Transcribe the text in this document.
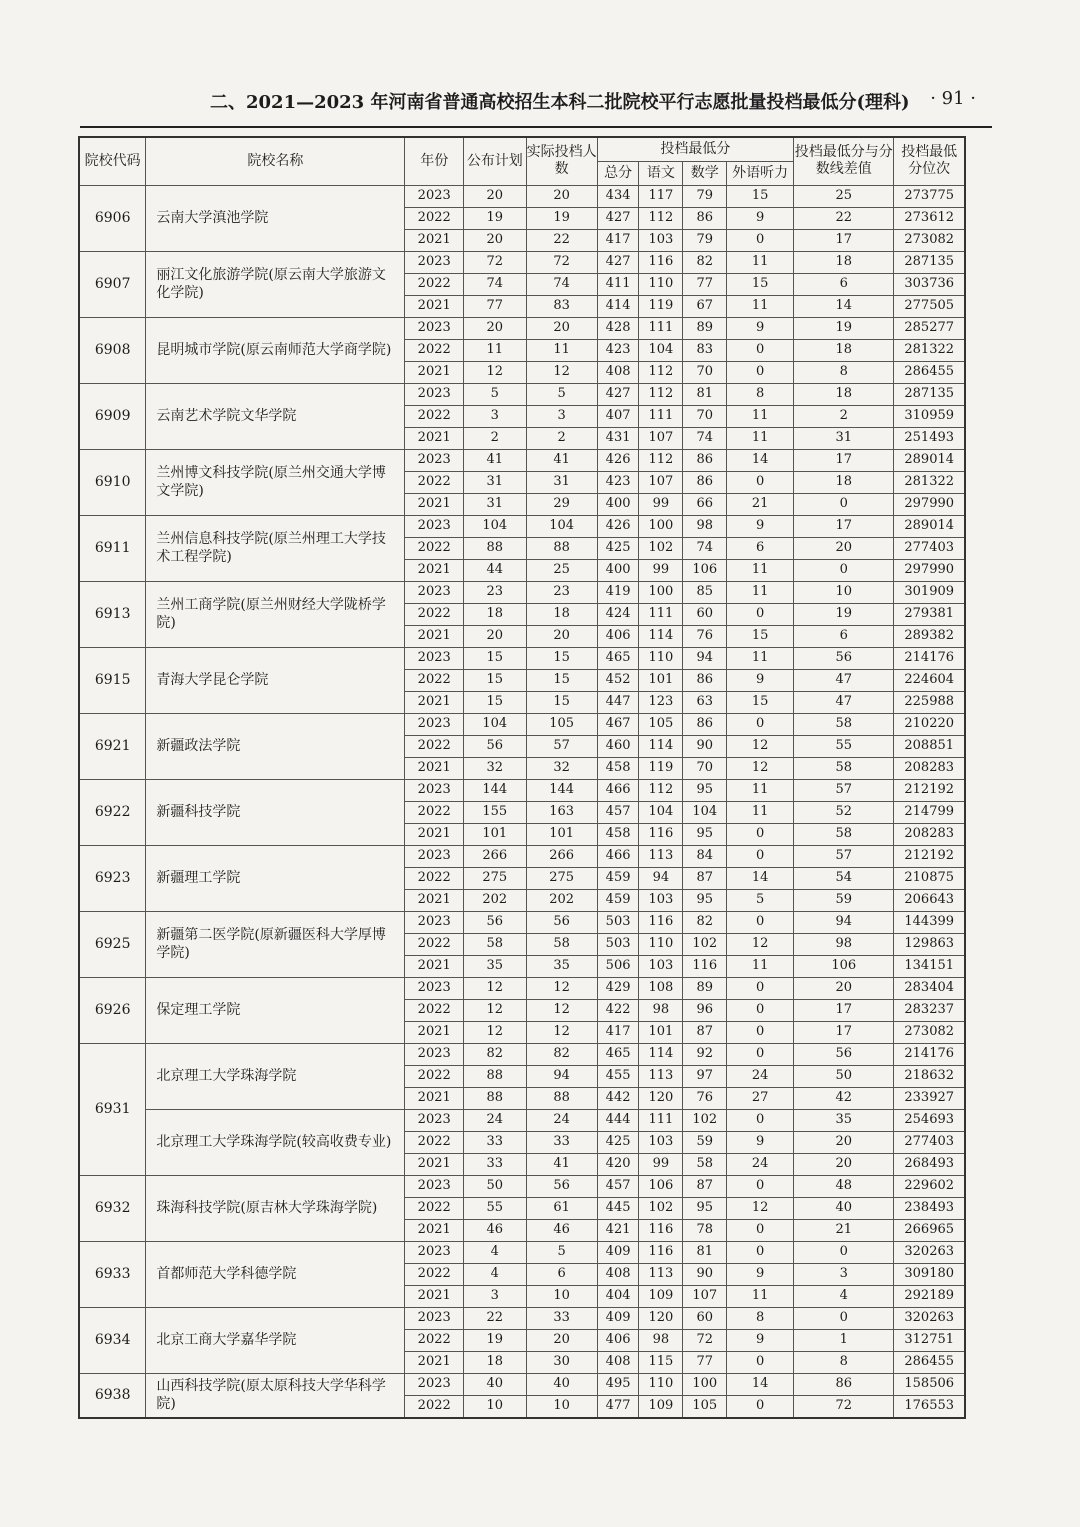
二、2021—2023 年河南省普通高校招生本科二批院校平行志愿批量投档最低分(理科) · 91 ·
院校代码	院校名称	年份	公布计划	实际投档人数	投档最低分				投档最低分与分数线差值	投档最低分位次
					总分	语文	数学	外语听力		
6906	云南大学滇池学院	2023	20	20	434	117	79	15	25	273775
		2022	19	19	427	112	86	9	22	273612
		2021	20	22	417	103	79	0	17	273082
6907	丽江文化旅游学院(原云南大学旅游文化学院)	2023	72	72	427	116	82	11	18	287135
		2022	74	74	411	110	77	15	6	303736
		2021	77	83	414	119	67	11	14	277505
6908	昆明城市学院(原云南师范大学商学院)	2023	20	20	428	111	89	9	19	285277
		2022	11	11	423	104	83	0	18	281322
		2021	12	12	408	112	70	0	8	286455
6909	云南艺术学院文华学院	2023	5	5	427	112	81	8	18	287135
		2022	3	3	407	111	70	11	2	310959
		2021	2	2	431	107	74	11	31	251493
6910	兰州博文科技学院(原兰州交通大学博文学院)	2023	41	41	426	112	86	14	17	289014
		2022	31	31	423	107	86	0	18	281322
		2021	31	29	400	99	66	21	0	297990
6911	兰州信息科技学院(原兰州理工大学技术工程学院)	2023	104	104	426	100	98	9	17	289014
		2022	88	88	425	102	74	6	20	277403
		2021	44	25	400	99	106	11	0	297990
6913	兰州工商学院(原兰州财经大学陇桥学院)	2023	23	23	419	100	85	11	10	301909
		2022	18	18	424	111	60	0	19	279381
		2021	20	20	406	114	76	15	6	289382
6915	青海大学昆仑学院	2023	15	15	465	110	94	11	56	214176
		2022	15	15	452	101	86	9	47	224604
		2021	15	15	447	123	63	15	47	225988
6921	新疆政法学院	2023	104	105	467	105	86	0	58	210220
		2022	56	57	460	114	90	12	55	208851
		2021	32	32	458	119	70	12	58	208283
6922	新疆科技学院	2023	144	144	466	112	95	11	57	212192
		2022	155	163	457	104	104	11	52	214799
		2021	101	101	458	116	95	0	58	208283
6923	新疆理工学院	2023	266	266	466	113	84	0	57	212192
		2022	275	275	459	94	87	14	54	210875
		2021	202	202	459	103	95	5	59	206643
6925	新疆第二医学院(原新疆医科大学厚博学院)	2023	56	56	503	116	82	0	94	144399
		2022	58	58	503	110	102	12	98	129863
		2021	35	35	506	103	116	11	106	134151
6926	保定理工学院	2023	12	12	429	108	89	0	20	283404
		2022	12	12	422	98	96	0	17	283237
		2021	12	12	417	101	87	0	17	273082
6931	北京理工大学珠海学院	2023	82	82	465	114	92	0	56	214176
		2022	88	94	455	113	97	24	50	218632
		2021	88	88	442	120	76	27	42	233927
	北京理工大学珠海学院(较高收费专业)	2023	24	24	444	111	102	0	35	254693
		2022	33	33	425	103	59	9	20	277403
		2021	33	41	420	99	58	24	20	268493
6932	珠海科技学院(原吉林大学珠海学院)	2023	50	56	457	106	87	0	48	229602
		2022	55	61	445	102	95	12	40	238493
		2021	46	46	421	116	78	0	21	266965
6933	首都师范大学科德学院	2023	4	5	409	116	81	0	0	320263
		2022	4	6	408	113	90	9	3	309180
		2021	3	10	404	109	107	11	4	292189
6934	北京工商大学嘉华学院	2023	22	33	409	120	60	8	0	320263
		2022	19	20	406	98	72	9	1	312751
		2021	18	30	408	115	77	0	8	286455
6938	山西科技学院(原太原科技大学华科学院)	2023	40	40	495	110	100	14	86	158506
		2022	10	10	477	109	105	0	72	176553
